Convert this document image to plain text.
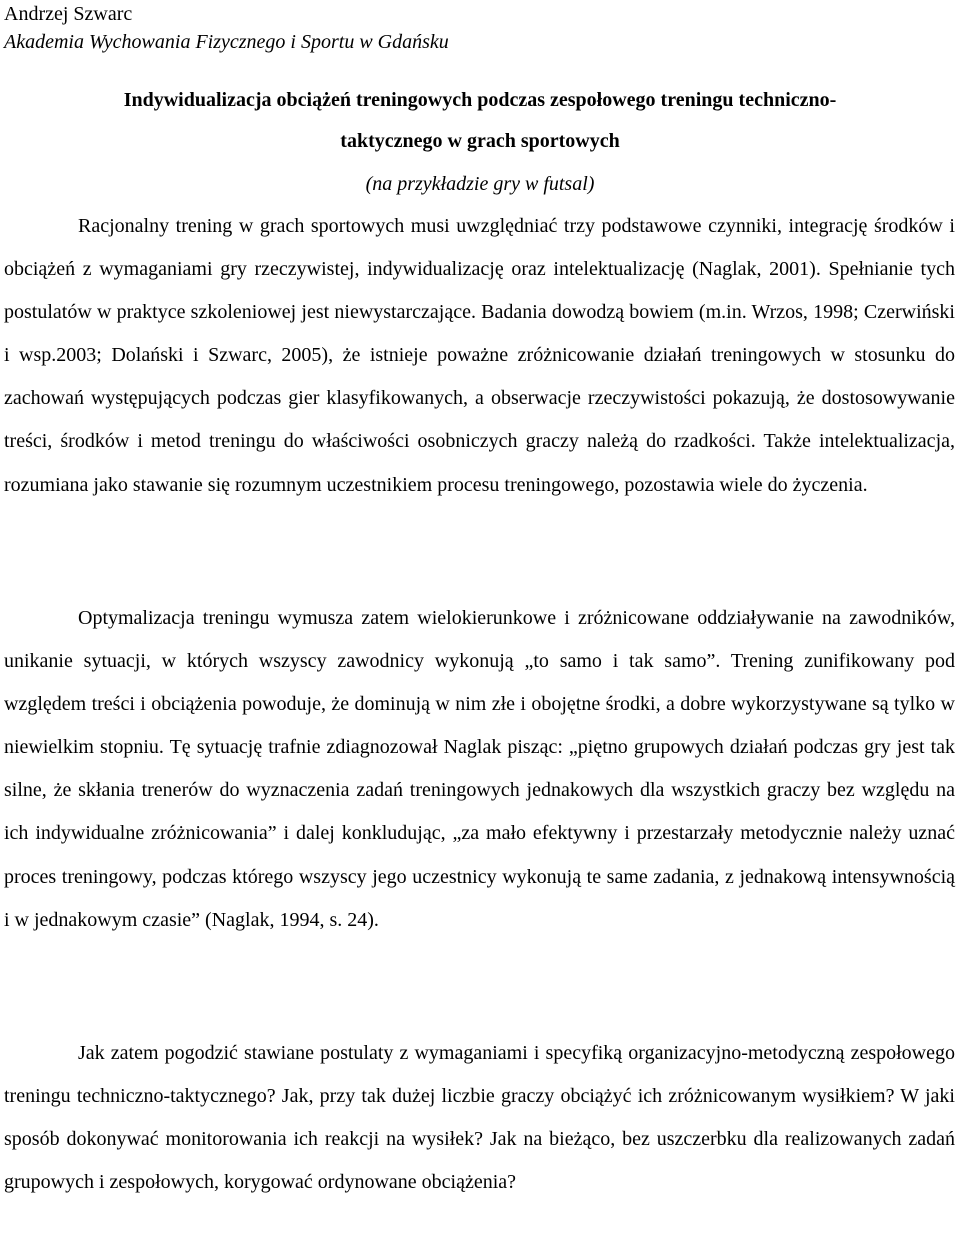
Andrzej Szwarc
Akademia Wychowania Fizycznego i Sportu w Gdańsku
Indywidualizacja obciążeń treningowych podczas zespołowego treningu techniczno-
taktycznego w grach sportowych
(na przykładzie gry w futsal)

Racjonalny trening w grach sportowych musi uwzględniać trzy podstawowe czynniki, integrację środków i obciążeń z wymaganiami gry rzeczywistej, indywidualizację oraz intelektualizację (Naglak, 2001). Spełnianie tych postulatów w praktyce szkoleniowej jest niewystarczające. Badania dowodzą bowiem (m.in. Wrzos, 1998; Czerwiński i wsp.2003; Dolański i Szwarc, 2005), że istnieje poważne zróżnicowanie działań treningowych w stosunku do zachowań występujących podczas gier klasyfikowanych, a obserwacje rzeczywistości pokazują, że dostosowywanie treści, środków i metod treningu do właściwości osobniczych graczy należą do rzadkości. Także intelektualizacja, rozumiana jako stawanie się rozumnym uczestnikiem procesu treningowego, pozostawia wiele do życzenia.

Optymalizacja treningu wymusza zatem wielokierunkowe i zróżnicowane oddziaływanie na zawodników, unikanie sytuacji, w których wszyscy zawodnicy wykonują „to samo i tak samo”. Trening zunifikowany pod względem treści i obciążenia powoduje, że dominują w nim złe i obojętne środki, a dobre wykorzystywane są tylko w niewielkim stopniu. Tę sytuację trafnie zdiagnozował Naglak pisząc: „piętno grupowych działań podczas gry jest tak silne, że skłania trenerów do wyznaczenia zadań treningowych jednakowych dla wszystkich graczy bez względu na ich indywidualne zróżnicowania” i dalej konkludując, „za mało efektywny i przestarzały metodycznie należy uznać proces treningowy, podczas którego wszyscy jego uczestnicy wykonują te same zadania, z jednakową intensywnością i w jednakowym czasie” (Naglak, 1994, s. 24).

Jak zatem pogodzić stawiane postulaty z wymaganiami i specyfiką organizacyjno-metodyczną zespołowego treningu techniczno-taktycznego? Jak, przy tak dużej liczbie graczy obciążyć ich zróżnicowanym wysiłkiem? W jaki sposób dokonywać monitorowania ich reakcji na wysiłek? Jak na bieżąco, bez uszczerbku dla realizowanych zadań grupowych i zespołowych, korygować ordynowane obciążenia?
